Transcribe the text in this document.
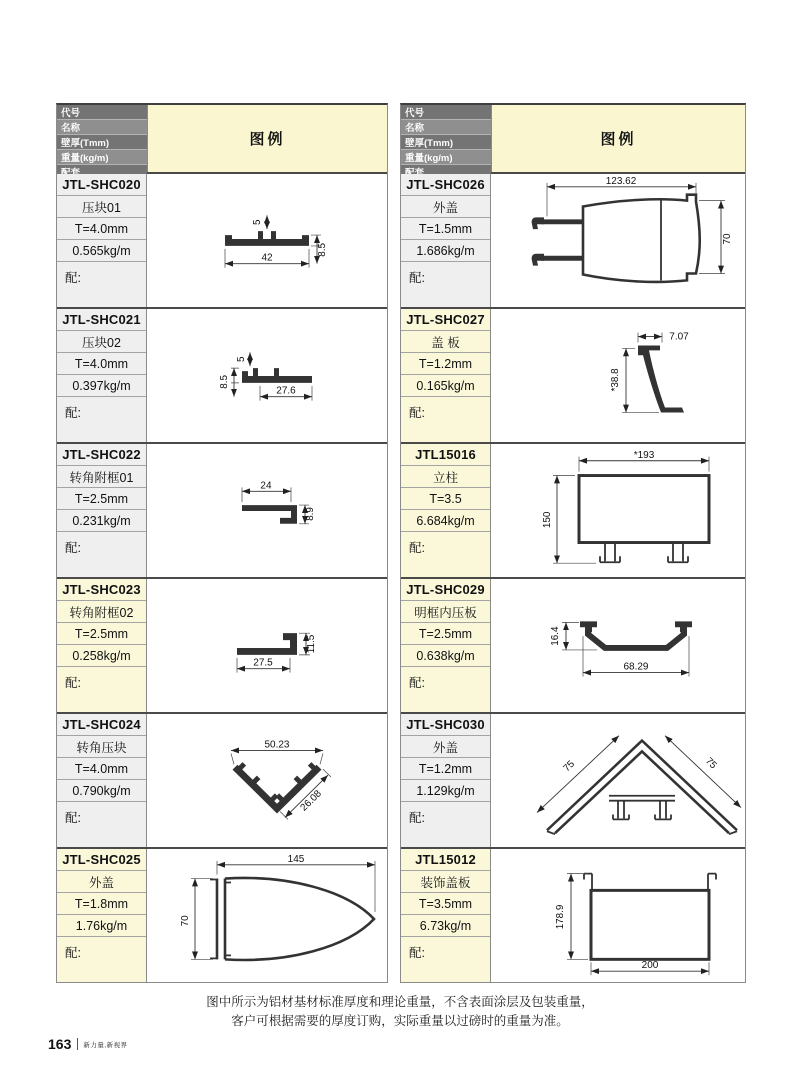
代号
名称
壁厚(Tmm)
重量(kg/m)
图例
JTL-SHC020
压块01
T=4.0mm
0.565kg/m
配:
42
8.5
5
JTL-SHC021
压块02
T=4.0mm
0.397kg/m
配:
27.6
8.5
5
JTL-SHC022
转角附框01
T=2.5mm
0.231kg/m
配:
24
8.9
JTL-SHC023
转角附框02
T=2.5mm
0.258kg/m
配:
27.5
11.5
JTL-SHC024
转角压块
T=4.0mm
0.790kg/m
配:
50.23
26.08
JTL-SHC025
外盖
T=1.8mm
1.76kg/m
配:
145
70
代号
名称
壁厚(Tmm)
重量(kg/m)
图例
JTL-SHC026
外盖
T=1.5mm
1.686kg/m
配:
123.62
70
JTL-SHC027
盖 板
T=1.2mm
0.165kg/m
配:
7.07
*38.8
JTL15016
立柱
T=3.5
6.684kg/m
配:
*193
150
JTL-SHC029
明框内压板
T=2.5mm
0.638kg/m
配:
16.4
68.29
JTL-SHC030
外盖
T=1.2mm
1.129kg/m
配:
75	75
JTL15012
装饰盖板
T=3.5mm
6.73kg/m
配:
178.9
200
图中所示为铝材基材标准厚度和理论重量，不含表面涂层及包装重量，
客户可根据需要的厚度订购，实际重量以过磅时的重量为准。
163 新力量,新视界
